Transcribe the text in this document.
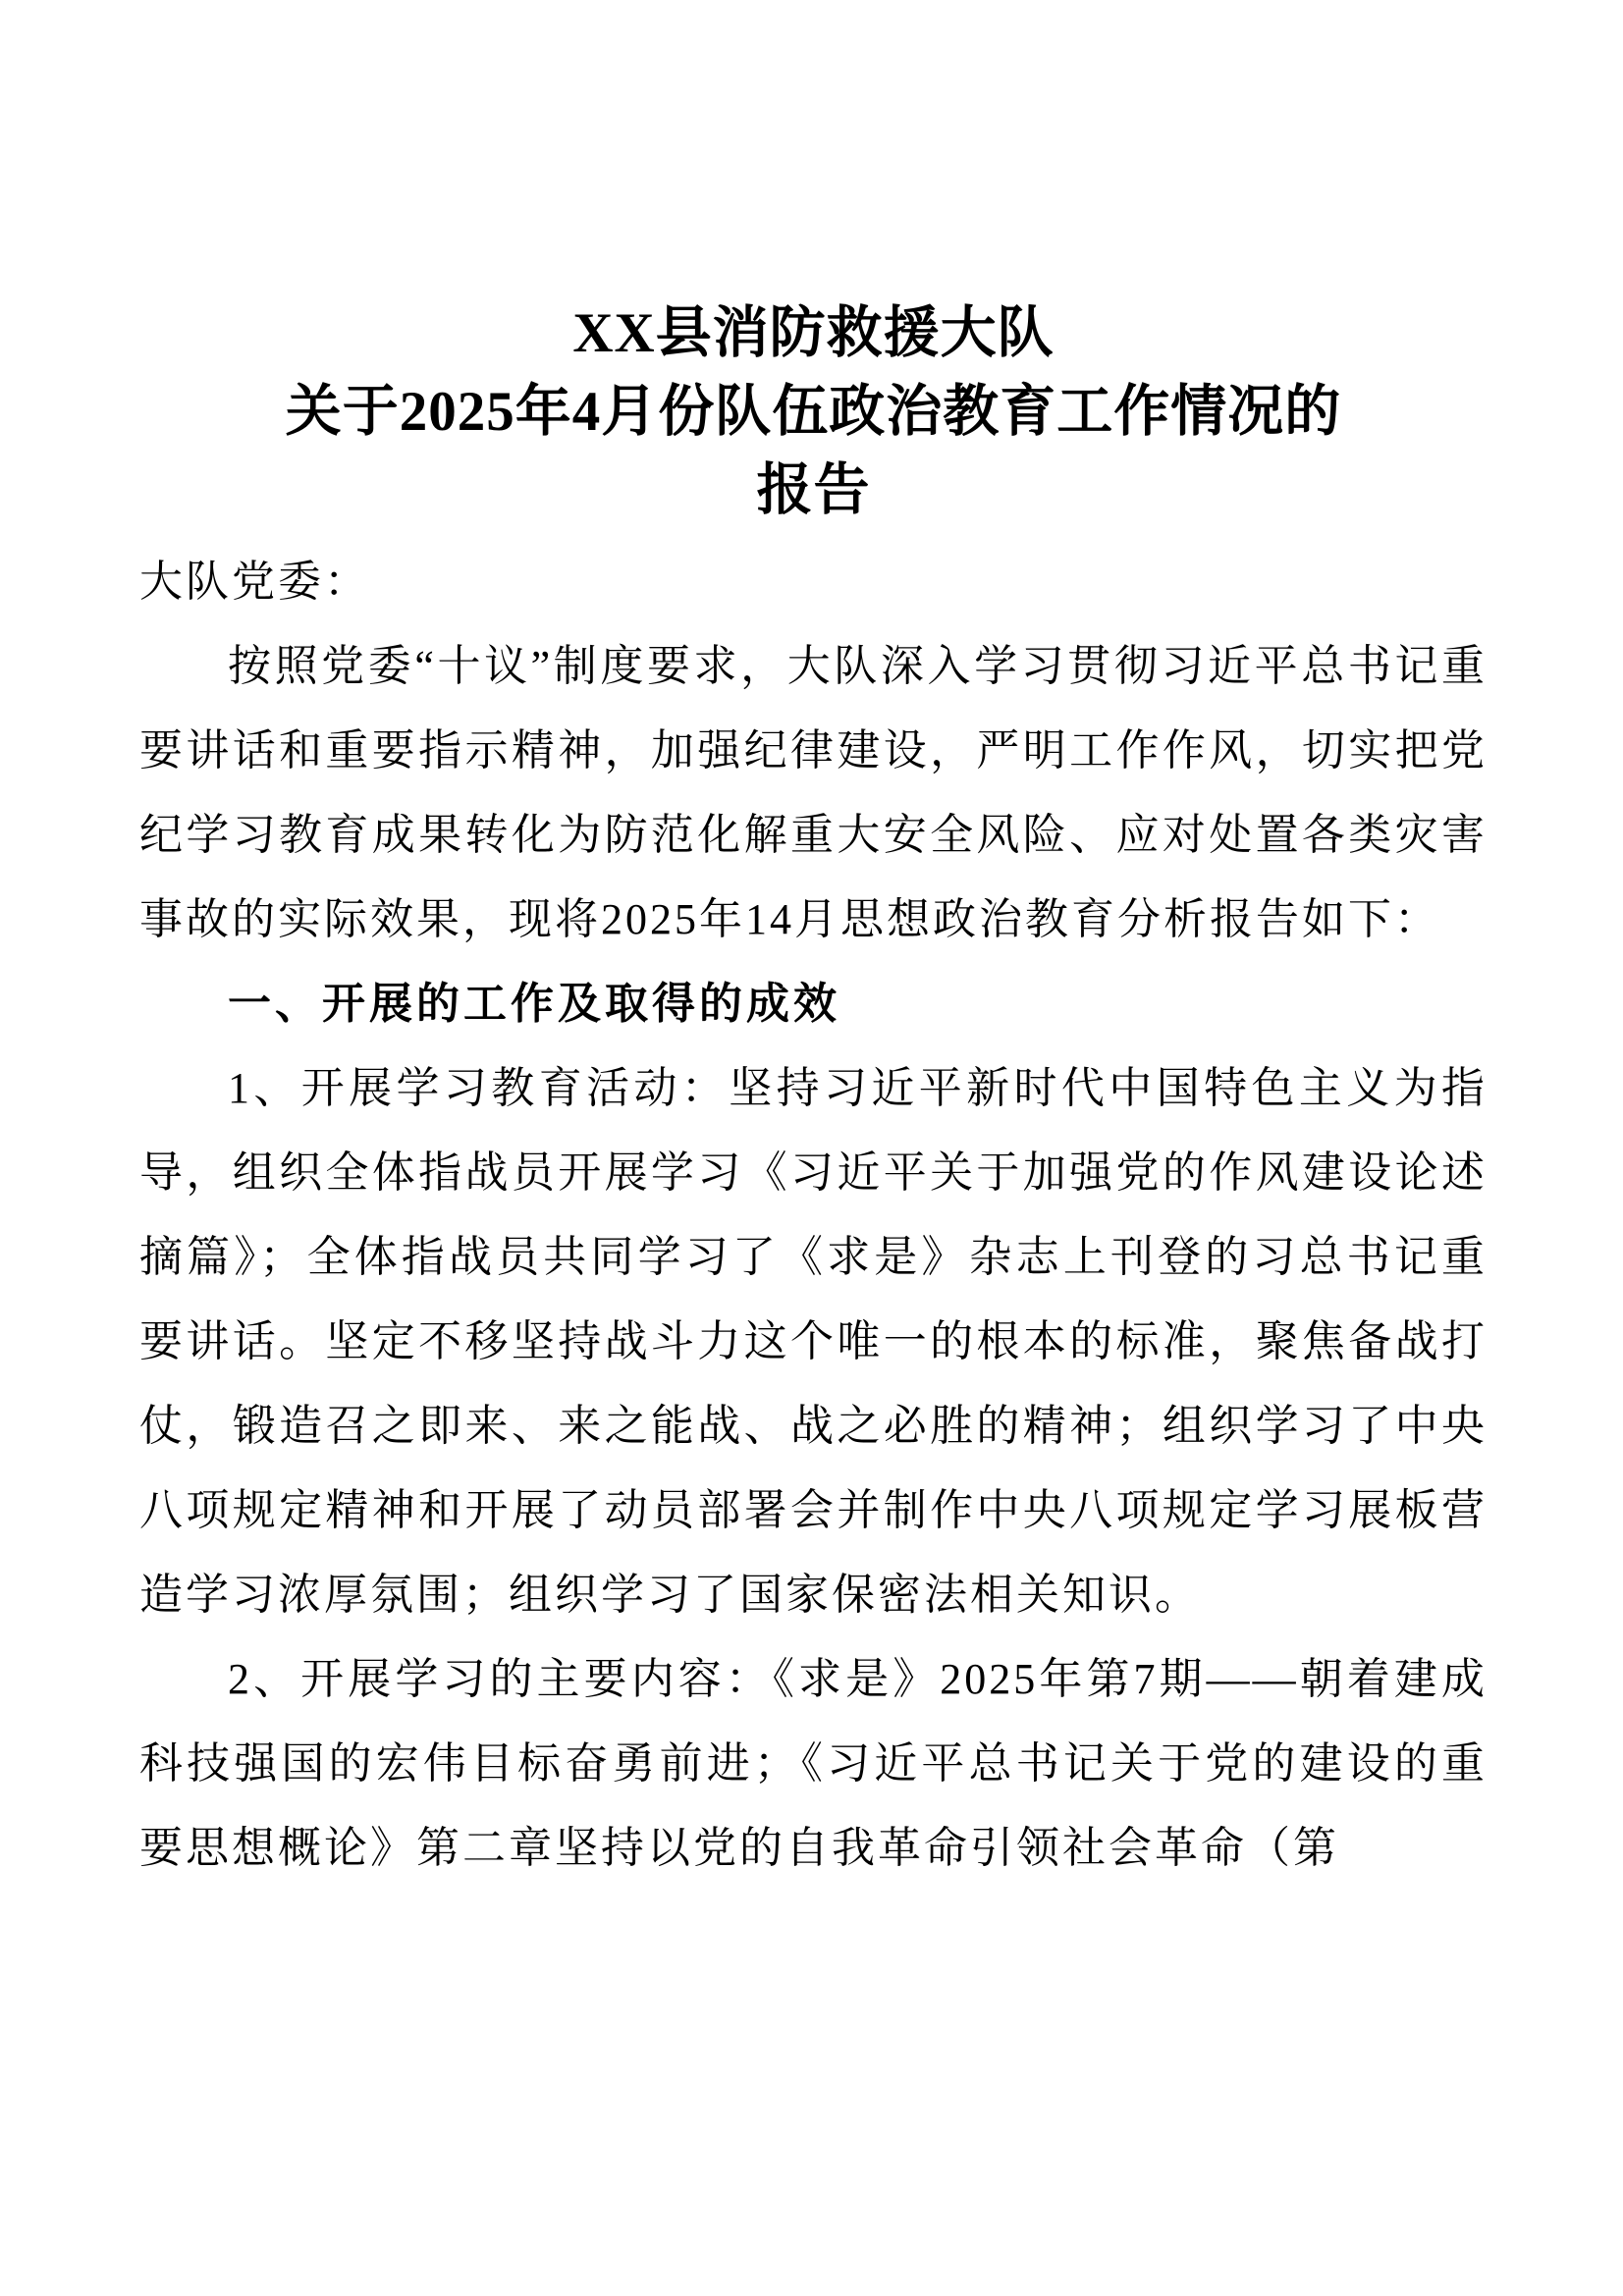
XX县消防救援大队
关于2025年4月份队伍政治教育工作情况的
报告

大队党委：

按照党委“十议”制度要求，大队深入学习贯彻习近平总书记重要讲话和重要指示精神，加强纪律建设，严明工作作风，切实把党纪学习教育成果转化为防范化解重大安全风险、应对处置各类灾害事故的实际效果，现将2025年14月思想政治教育分析报告如下：

一、开展的工作及取得的成效

1、开展学习教育活动：坚持习近平新时代中国特色主义为指导，组织全体指战员开展学习《习近平关于加强党的作风建设论述摘篇》；全体指战员共同学习了《求是》杂志上刊登的习总书记重要讲话。坚定不移坚持战斗力这个唯一的根本的标准，聚焦备战打仗，锻造召之即来、来之能战、战之必胜的精神；组织学习了中央八项规定精神和开展了动员部署会并制作中央八项规定学习展板营造学习浓厚氛围；组织学习了国家保密法相关知识。

2、开展学习的主要内容：《求是》2025年第7期——朝着建成科技强国的宏伟目标奋勇前进；《习近平总书记关于党的建设的重要思想概论》第二章坚持以党的自我革命引领社会革命（第
